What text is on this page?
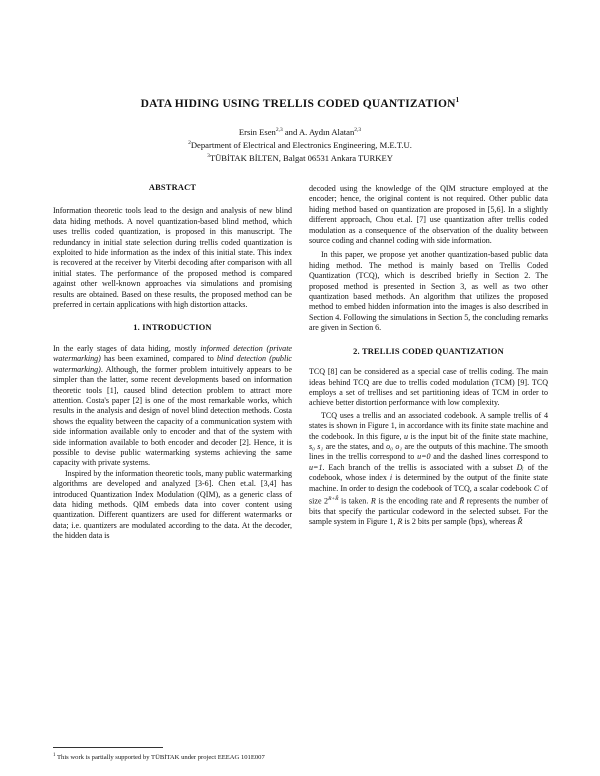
DATA HIDING USING TRELLIS CODED QUANTIZATION$^1$
Ersin Esen$^{2,3}$ and A. Aydın Alatan$^{2,3}$
$^2$Department of Electrical and Electronics Engineering, M.E.T.U.
$^3$TÜBİTAK BİLTEN, Balgat 06531 Ankara TURKEY
ABSTRACT

Information theoretic tools lead to the design and analysis of new blind data hiding methods. A novel quantization-based blind method, which uses trellis coded quantization, is proposed in this manuscript. The redundancy in initial state selection during trellis coded quantization is exploited to hide information as the index of this initial state. This index is recovered at the receiver by Viterbi decoding after comparison with all initial states. The performance of the proposed method is compared against other well-known approaches via simulations and promising results are obtained. Based on these results, the proposed method can be preferred in certain applications with high distortion attacks.

1. INTRODUCTION

In the early stages of data hiding, mostly informed detection (private watermarking) has been examined, compared to blind detection (public watermarking). Although, the former problem intuitively appears to be simpler than the latter, some recent developments based on information theoretic tools [1], caused blind detection problem to attract more attention. Costa's paper [2] is one of the most remarkable works, which results in the analysis and design of novel blind detection methods. Costa shows the equality between the capacity of a communication system with side information available only to encoder and that of the system with side information available to both encoder and decoder [2]. Hence, it is possible to devise public watermarking systems achieving the same capacity with private systems.

Inspired by the information theoretic tools, many public watermarking algorithms are developed and analyzed [3-6]. Chen et.al. [3,4] has introduced Quantization Index Modulation (QIM), as a generic class of data hiding methods. QIM embeds data into cover content using quantization. Different quantizers are used for different watermarks or data; i.e. quantizers are modulated according to the data. At the decoder, the hidden data is

decoded using the knowledge of the QIM structure employed at the encoder; hence, the original content is not required. Other public data hiding method based on quantization are proposed in [5,6]. In a slightly different approach, Chou et.al. [7] use quantization after trellis coded modulation as a consequence of the observation of the duality between source coding and channel coding with side information.

In this paper, we propose yet another quantization-based public data hiding method. The method is mainly based on Trellis Coded Quantization (TCQ), which is described briefly in Section 2. The proposed method is presented in Section 3, as well as two other quantization based methods. An algorithm that utilizes the proposed method to embed hidden information into the images is also described in Section 4. Following the simulations in Section 5, the concluding remarks are given in Section 6.

2. TRELLIS CODED QUANTIZATION

TCQ [8] can be considered as a special case of trellis coding. The main ideas behind TCQ are due to trellis coded modulation (TCM) [9]. TCQ employs a set of trellises and set partitioning ideas of TCM in order to achieve better distortion performance with low complexity.

TCQ uses a trellis and an associated codebook. A sample trellis of 4 states is shown in Figure 1, in accordance with its finite state machine and the codebook. In this figure, u is the input bit of the finite state machine, s₀ s₁ are the states, and o₀ o₁ are the outputs of this machine. The smooth lines in the trellis correspond to u=0 and the dashed lines correspond to u=1. Each branch of the trellis is associated with a subset Dᵢ of the codebook, whose index i is determined by the output of the finite state machine. In order to design the codebook of TCQ, a scalar codebook C of size $2^{R+R̃}$ is taken. R is the encoding rate and R̃ represents the number of bits that specify the particular codeword in the selected subset. For the sample system in Figure 1, R is 2 bits per sample (bps), whereas R̃

$^1$ This work is partially supported by TÜBİTAK under project EEEAG 101E007
